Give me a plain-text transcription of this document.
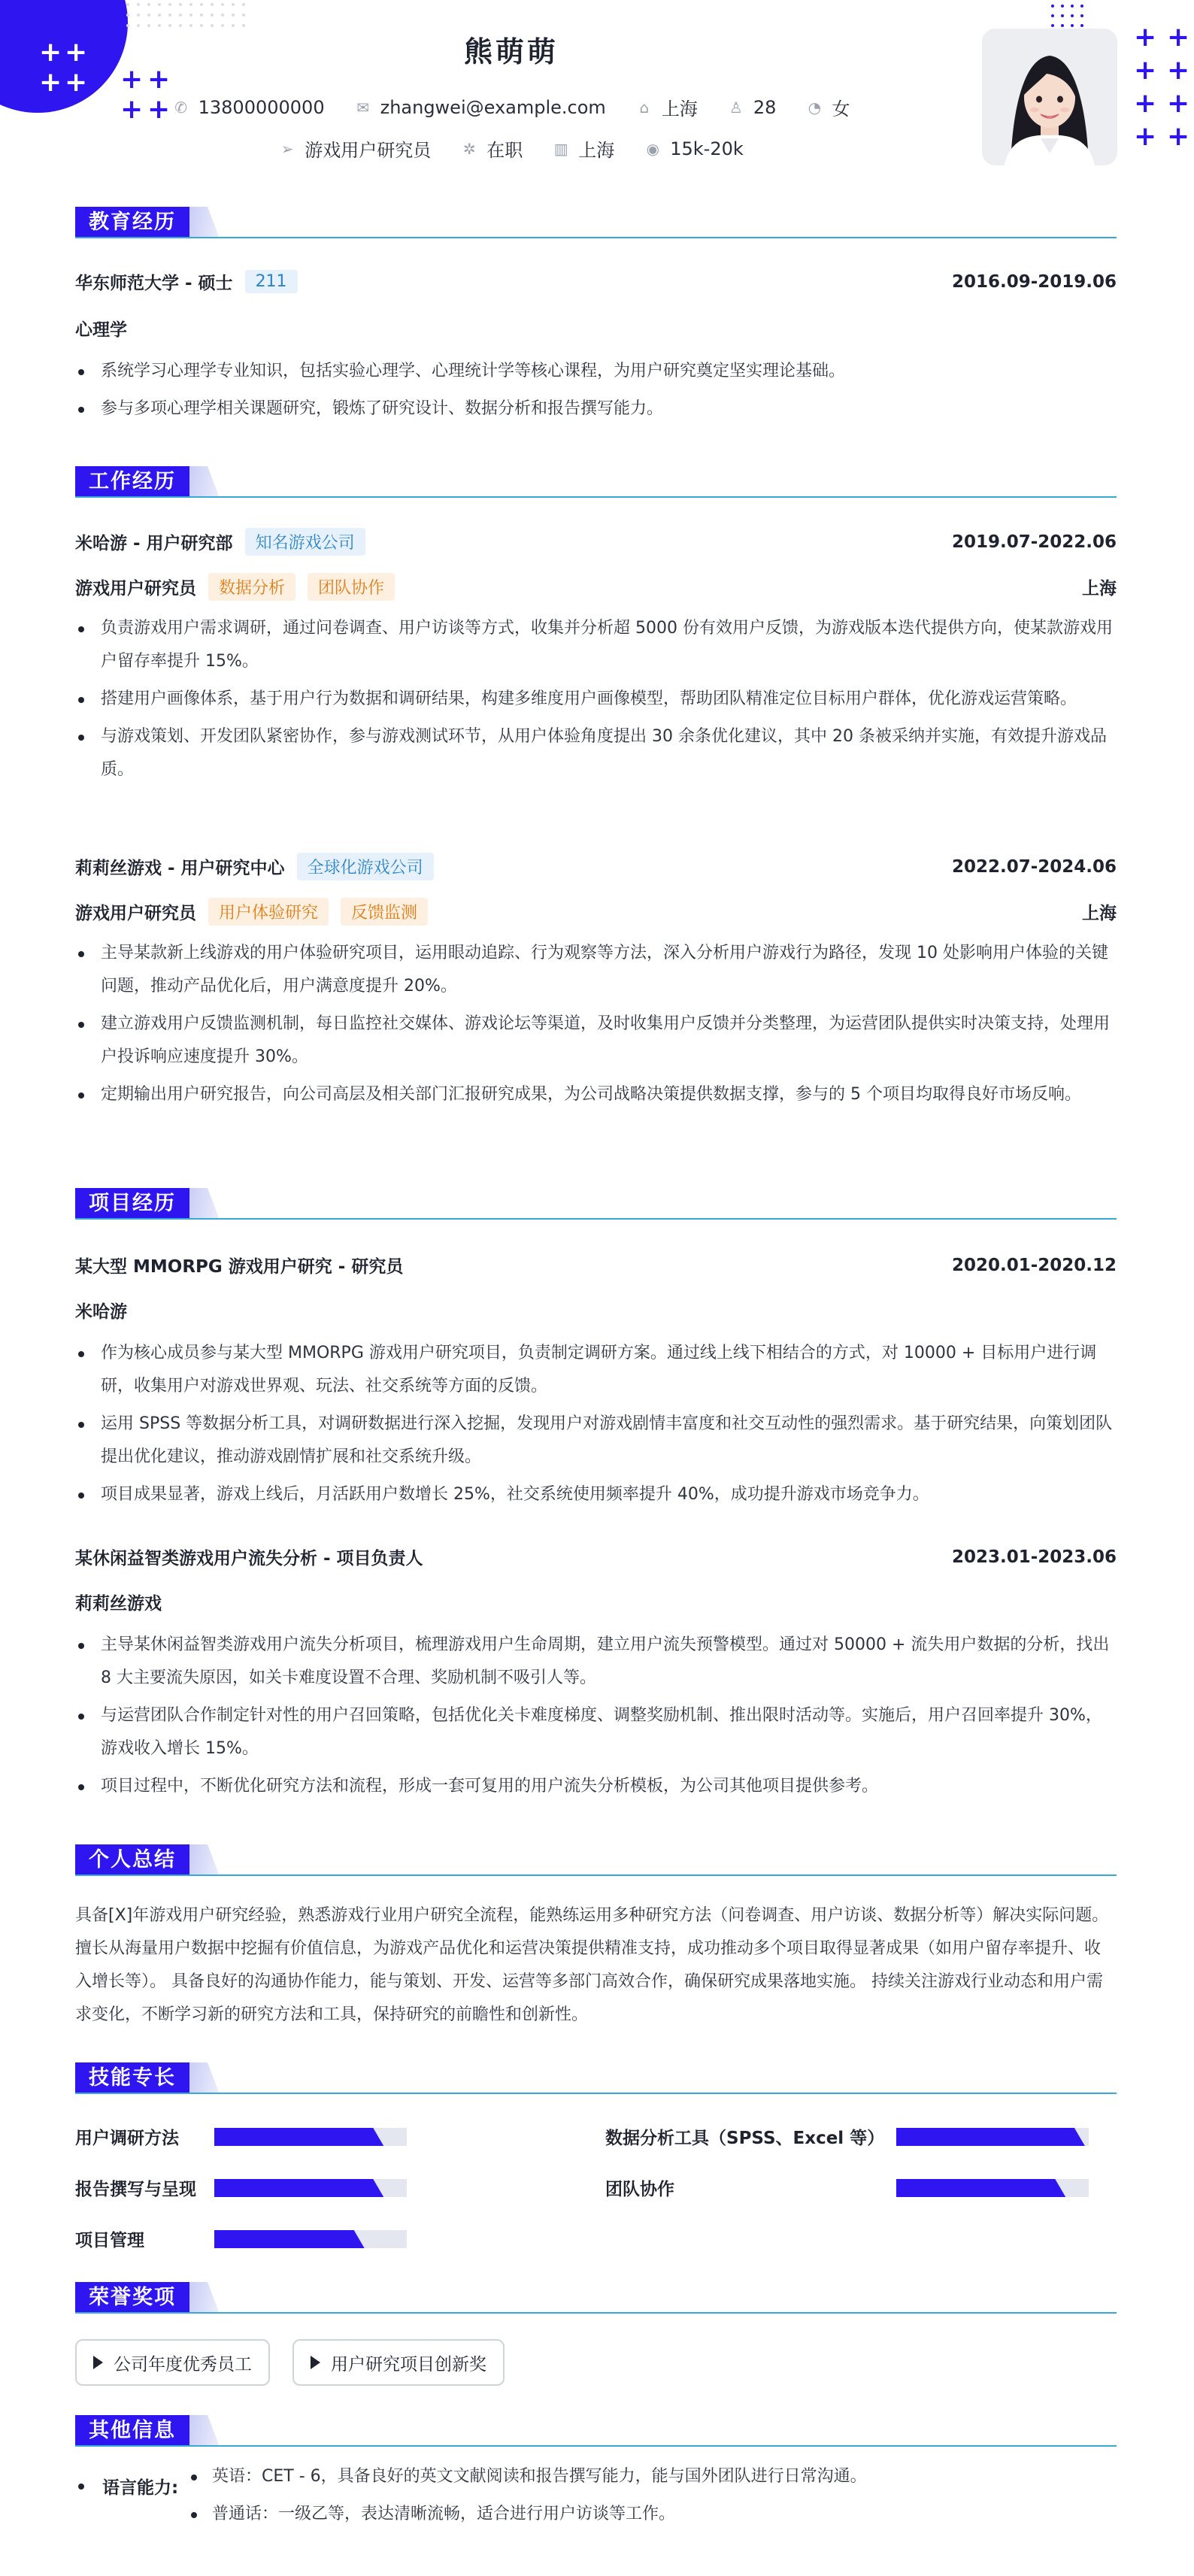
+ +
+ + + +
+ +
+ +
+ +
+ +
+ +
熊萌萌
✆ 13800000000 ✉ zhangwei@example.com ⌂ 上海 ♙ 28 ◔ 女
➢ 游戏用户研究员 ✲ 在职 ▥ 上海 ◉ 15k-20k
教育经历
华东师范大学 - 硕士	211	2016.09-2019.06
心理学
系统学习心理学专业知识，包括实验心理学、心理统计学等核心课程，为用户研究奠定坚实理论基础。
参与多项心理学相关课题研究，锻炼了研究设计、数据分析和报告撰写能力。
工作经历
米哈游 - 用户研究部	知名游戏公司	2019.07-2022.06
游戏用户研究员	数据分析	团队协作	上海
负责游戏用户需求调研，通过问卷调查、用户访谈等方式，收集并分析超 5000 份有效用户反馈，为游戏版本迭代提供方向，使某款游戏用户留存率提升 15%。
搭建用户画像体系，基于用户行为数据和调研结果，构建多维度用户画像模型，帮助团队精准定位目标用户群体，优化游戏运营策略。
与游戏策划、开发团队紧密协作，参与游戏测试环节，从用户体验角度提出 30 余条优化建议，其中 20 条被采纳并实施，有效提升游戏品质。
莉莉丝游戏 - 用户研究中心	全球化游戏公司	2022.07-2024.06
游戏用户研究员	用户体验研究	反馈监测	上海
主导某款新上线游戏的用户体验研究项目，运用眼动追踪、行为观察等方法，深入分析用户游戏行为路径，发现 10 处影响用户体验的关键问题，推动产品优化后，用户满意度提升 20%。
建立游戏用户反馈监测机制，每日监控社交媒体、游戏论坛等渠道，及时收集用户反馈并分类整理，为运营团队提供实时决策支持，处理用户投诉响应速度提升 30%。
定期输出用户研究报告，向公司高层及相关部门汇报研究成果，为公司战略决策提供数据支撑，参与的 5 个项目均取得良好市场反响。
项目经历
某大型 MMORPG 游戏用户研究 - 研究员	2020.01-2020.12
米哈游
作为核心成员参与某大型 MMORPG 游戏用户研究项目，负责制定调研方案。通过线上线下相结合的方式，对 10000 + 目标用户进行调研，收集用户对游戏世界观、玩法、社交系统等方面的反馈。
运用 SPSS 等数据分析工具，对调研数据进行深入挖掘，发现用户对游戏剧情丰富度和社交互动性的强烈需求。基于研究结果，向策划团队提出优化建议，推动游戏剧情扩展和社交系统升级。
项目成果显著，游戏上线后，月活跃用户数增长 25%，社交系统使用频率提升 40%，成功提升游戏市场竞争力。
某休闲益智类游戏用户流失分析 - 项目负责人	2023.01-2023.06
莉莉丝游戏
主导某休闲益智类游戏用户流失分析项目，梳理游戏用户生命周期，建立用户流失预警模型。通过对 50000 + 流失用户数据的分析，找出 8 大主要流失原因，如关卡难度设置不合理、奖励机制不吸引人等。
与运营团队合作制定针对性的用户召回策略，包括优化关卡难度梯度、调整奖励机制、推出限时活动等。实施后，用户召回率提升 30%，游戏收入增长 15%。
项目过程中，不断优化研究方法和流程，形成一套可复用的用户流失分析模板，为公司其他项目提供参考。
个人总结
具备[X]年游戏用户研究经验，熟悉游戏行业用户研究全流程，能熟练运用多种研究方法（问卷调查、用户访谈、数据分析等）解决实际问题。 擅长从海量用户数据中挖掘有价值信息，为游戏产品优化和运营决策提供精准支持，成功推动多个项目取得显著成果（如用户留存率提升、收入增长等）。 具备良好的沟通协作能力，能与策划、开发、运营等多部门高效合作，确保研究成果落地实施。 持续关注游戏行业动态和用户需求变化，不断学习新的研究方法和工具，保持研究的前瞻性和创新性。
技能专长
用户调研方法	数据分析工具（SPSS、Excel 等）
报告撰写与呈现	团队协作
项目管理
荣誉奖项
公司年度优秀员工	用户研究项目创新奖
其他信息
语言能力:
英语：CET - 6，具备良好的英文文献阅读和报告撰写能力，能与国外团队进行日常沟通。
普通话：一级乙等，表达清晰流畅，适合进行用户访谈等工作。
